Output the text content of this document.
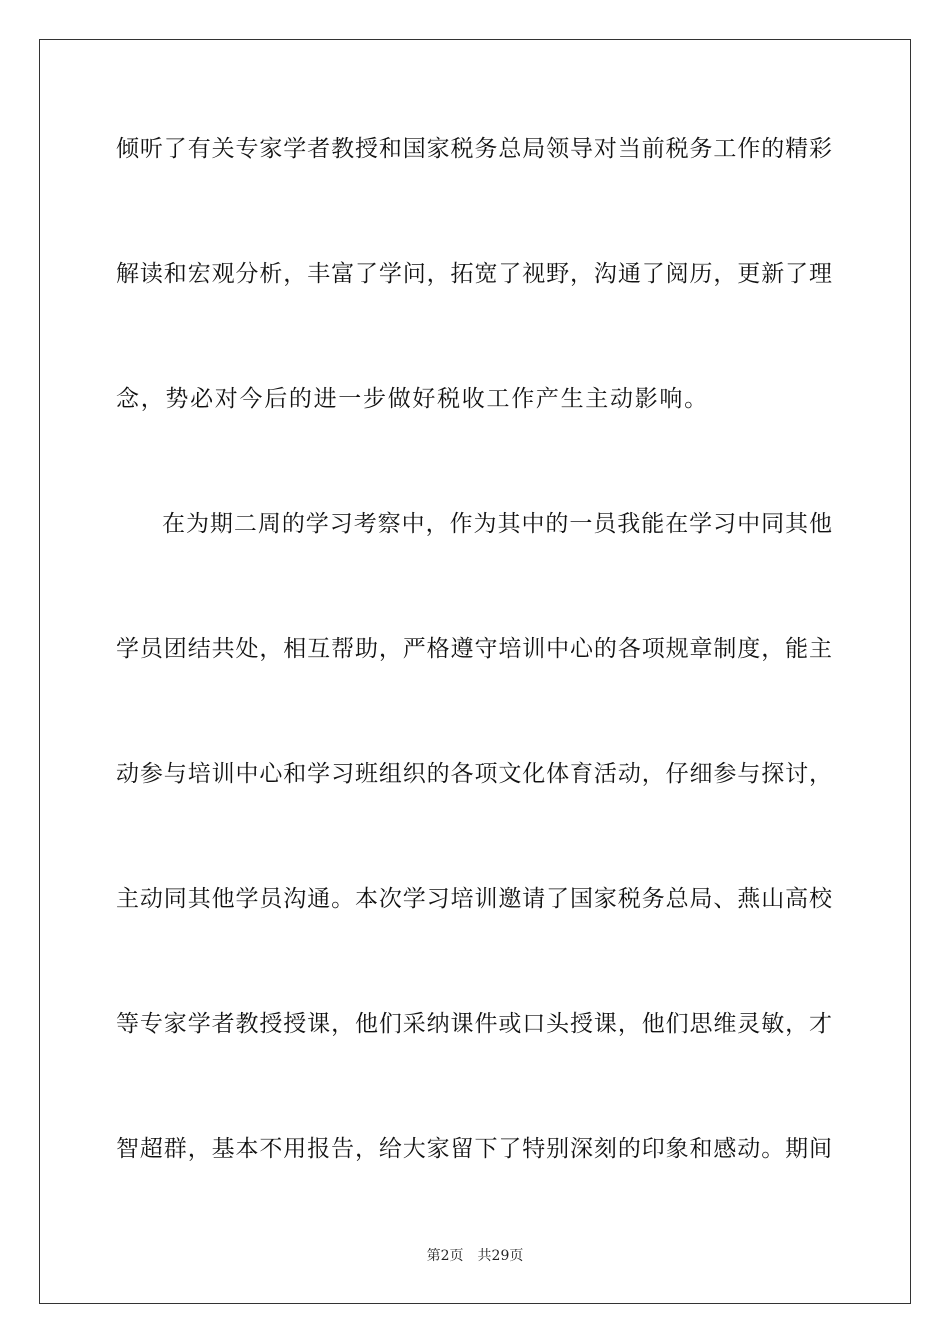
倾听了有关专家学者教授和国家税务总局领导对当前税务工作的精彩
解读和宏观分析，丰富了学问，拓宽了视野，沟通了阅历，更新了理
念，势必对今后的进一步做好税收工作产生主动影响。
在为期二周的学习考察中，作为其中的一员我能在学习中同其他
学员团结共处，相互帮助，严格遵守培训中心的各项规章制度，能主
动参与培训中心和学习班组织的各项文化体育活动，仔细参与探讨，
主动同其他学员沟通。本次学习培训邀请了国家税务总局、燕山高校
等专家学者教授授课，他们采纳课件或口头授课，他们思维灵敏，才
智超群，基本不用报告，给大家留下了特别深刻的印象和感动。期间
第2页 共29页
